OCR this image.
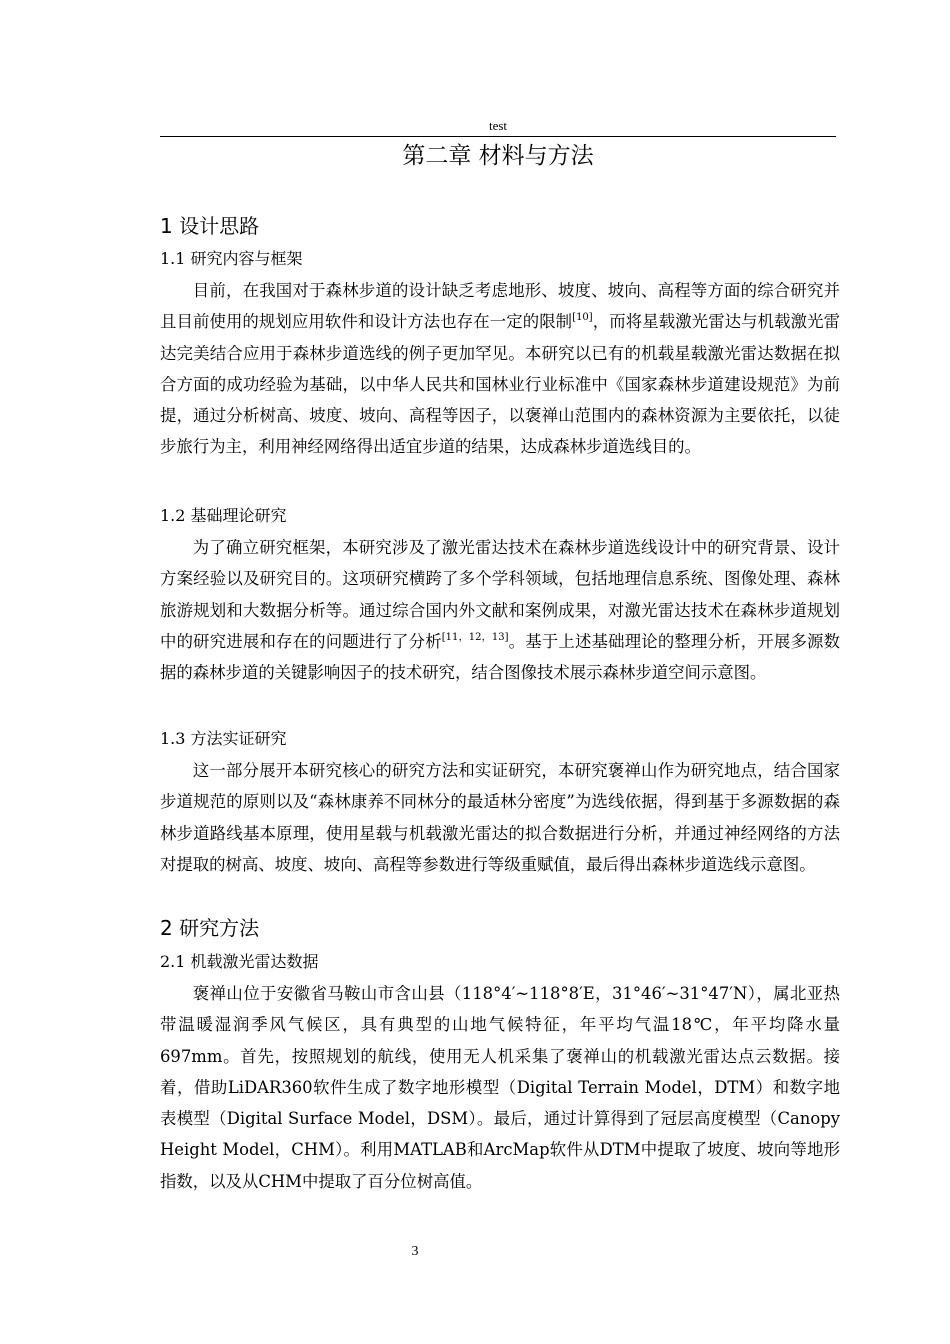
test
第二章 材料与方法
1 设计思路
1.1 研究内容与框架
目前，在我国对于森林步道的设计缺乏考虑地形、坡度、坡向、高程等方面的综合研究并且目前使用的规划应用软件和设计方法也存在一定的限制[10]，而将星载激光雷达与机载激光雷达完美结合应用于森林步道选线的例子更加罕见。本研究以已有的机载星载激光雷达数据在拟合方面的成功经验为基础，以中华人民共和国林业行业标准中《国家森林步道建设规范》为前提，通过分析树高、坡度、坡向、高程等因子，以褒禅山范围内的森林资源为主要依托，以徒步旅行为主，利用神经网络得出适宜步道的结果，达成森林步道选线目的。
1.2 基础理论研究
为了确立研究框架，本研究涉及了激光雷达技术在森林步道选线设计中的研究背景、设计方案经验以及研究目的。这项研究横跨了多个学科领域，包括地理信息系统、图像处理、森林旅游规划和大数据分析等。通过综合国内外文献和案例成果，对激光雷达技术在森林步道规划中的研究进展和存在的问题进行了分析[11，12，13]。基于上述基础理论的整理分析，开展多源数据的森林步道的关键影响因子的技术研究，结合图像技术展示森林步道空间示意图。
1.3 方法实证研究
这一部分展开本研究核心的研究方法和实证研究，本研究褒禅山作为研究地点，结合国家步道规范的原则以及“森林康养不同林分的最适林分密度”为选线依据，得到基于多源数据的森林步道路线基本原理，使用星载与机载激光雷达的拟合数据进行分析，并通过神经网络的方法对提取的树高、坡度、坡向、高程等参数进行等级重赋值，最后得出森林步道选线示意图。
2 研究方法
2.1 机载激光雷达数据
褒禅山位于安徽省马鞍山市含山县（118°4′~118°8′E，31°46′~31°47′N），属北亚热带温暖湿润季风气候区，具有典型的山地气候特征，年平均气温18℃，年平均降水量697mm。首先，按照规划的航线，使用无人机采集了褒禅山的机载激光雷达点云数据。接着，借助LiDAR360软件生成了数字地形模型（Digital Terrain Model，DTM）和数字地表模型（Digital Surface Model，DSM）。最后，通过计算得到了冠层高度模型（Canopy Height Model，CHM）。利用MATLAB和ArcMap软件从DTM中提取了坡度、坡向等地形指数，以及从CHM中提取了百分位树高值。
3
